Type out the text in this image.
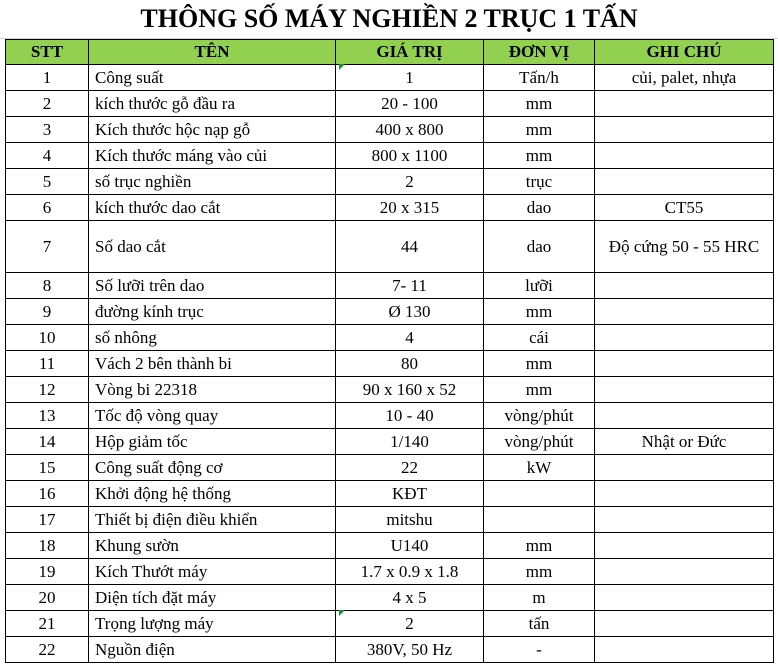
THÔNG SỐ MÁY NGHIỀN 2 TRỤC 1 TẤN
STT	TÊN	GIÁ TRỊ	ĐƠN VỊ	GHI CHÚ
1	Công suất	1	Tấn/h	củi, palet, nhựa
2	kích thước gỗ đầu ra	20 - 100	mm	
3	Kích thước hộc nạp gỗ	400 x 800	mm	
4	Kích thước máng vào củi	800 x 1100	mm	
5	số trục nghiền	2	trục	
6	kích thước dao cắt	20 x 315	dao	CT55
7	Số dao cắt	44	dao	Độ cứng 50 - 55 HRC
8	Số lưỡi trên dao	7- 11	lưỡi	
9	đường kính trục	Ø 130	mm	
10	số nhông	4	cái	
11	Vách 2 bên thành bi	80	mm	
12	Vòng bi 22318	90 x 160 x 52	mm	
13	Tốc độ vòng quay	10 - 40	vòng/phút	
14	Hộp giảm tốc	1/140	vòng/phút	Nhật or Đức
15	Công suất động cơ	22	kW	
16	Khởi động hệ thống	KĐT		
17	Thiết bị điện điều khiển	mitshu		
18	Khung sườn	U140	mm	
19	Kích Thướt máy	1.7 x 0.9 x 1.8	mm	
20	Diện tích đặt máy	4 x 5	m	
21	Trọng lượng máy	2	tấn	
22	Nguồn điện	380V, 50 Hz	-	
